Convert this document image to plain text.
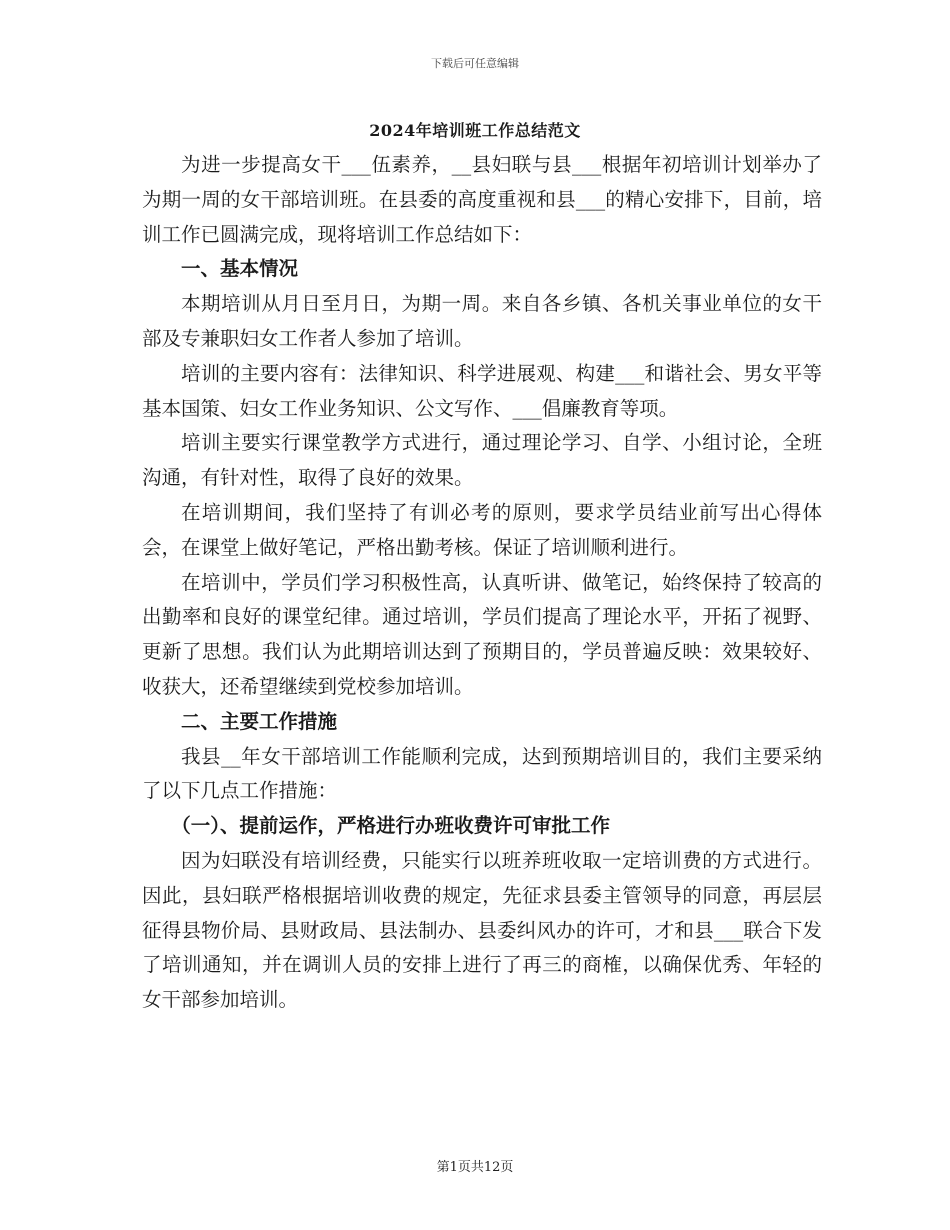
下载后可任意编辑
2024年培训班工作总结范文

为进一步提高女干___伍素养，__县妇联与县___根据年初培训计划举办了为期一周的女干部培训班。在县委的高度重视和县___的精心安排下，目前，培训工作已圆满完成，现将培训工作总结如下：

一、基本情况

本期培训从月日至月日，为期一周。来自各乡镇、各机关事业单位的女干部及专兼职妇女工作者人参加了培训。

培训的主要内容有：法律知识、科学进展观、构建___和谐社会、男女平等基本国策、妇女工作业务知识、公文写作、___倡廉教育等项。

培训主要实行课堂教学方式进行，通过理论学习、自学、小组讨论，全班沟通，有针对性，取得了良好的效果。

在培训期间，我们坚持了有训必考的原则，要求学员结业前写出心得体会，在课堂上做好笔记，严格出勤考核。保证了培训顺利进行。

在培训中，学员们学习积极性高，认真听讲、做笔记，始终保持了较高的出勤率和良好的课堂纪律。通过培训，学员们提高了理论水平，开拓了视野、更新了思想。我们认为此期培训达到了预期目的，学员普遍反映：效果较好、收获大，还希望继续到党校参加培训。

二、主要工作措施

我县__年女干部培训工作能顺利完成，达到预期培训目的，我们主要采纳了以下几点工作措施：

（一）、提前运作，严格进行办班收费许可审批工作

因为妇联没有培训经费，只能实行以班养班收取一定培训费的方式进行。因此，县妇联严格根据培训收费的规定，先征求县委主管领导的同意，再层层征得县物价局、县财政局、县法制办、县委纠风办的许可，才和县___联合下发了培训通知，并在调训人员的安排上进行了再三的商榷，以确保优秀、年轻的女干部参加培训。

第1页共12页
